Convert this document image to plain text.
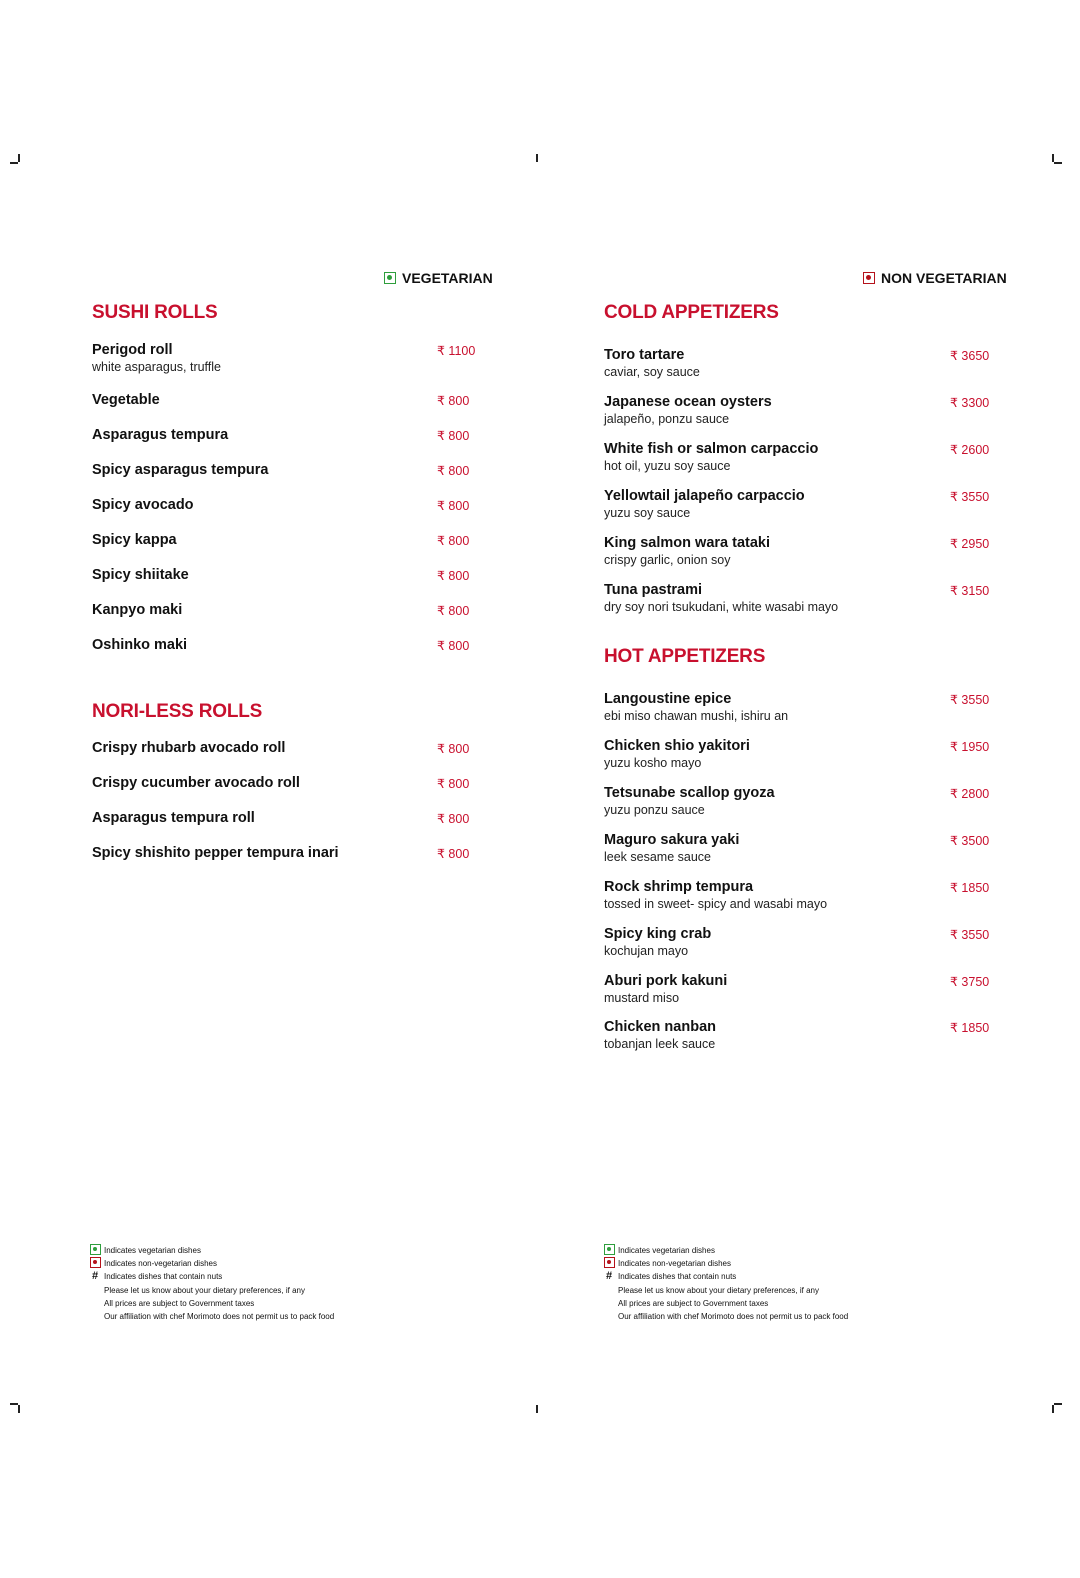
VEGETARIAN	NON VEGETARIAN
SUSHI ROLLS
Perigod roll
white asparagus, truffle
₹ 1100
Vegetable	₹ 800
Asparagus tempura	₹ 800
Spicy asparagus tempura	₹ 800
Spicy avocado	₹ 800
Spicy kappa	₹ 800
Spicy shiitake	₹ 800
Kanpyo maki	₹ 800
Oshinko maki	₹ 800
NORI-LESS ROLLS
Crispy rhubarb avocado roll	₹ 800
Crispy cucumber avocado roll	₹ 800
Asparagus tempura roll	₹ 800
Spicy shishito pepper tempura inari	₹ 800
COLD APPETIZERS
Toro tartare
caviar, soy sauce
₹ 3650
Japanese ocean oysters
jalapeño, ponzu sauce
₹ 3300
White fish or salmon carpaccio
hot oil, yuzu soy sauce
₹ 2600
Yellowtail jalapeño carpaccio
yuzu soy sauce
₹ 3550
King salmon wara tataki
crispy garlic, onion soy
₹ 2950
Tuna pastrami
dry soy nori tsukudani, white wasabi mayo
₹ 3150
HOT APPETIZERS
Langoustine epice
ebi miso chawan mushi, ishiru an
₹ 3550
Chicken shio yakitori
yuzu kosho mayo
₹ 1950
Tetsunabe scallop gyoza
yuzu ponzu sauce
₹ 2800
Maguro sakura yaki
leek sesame sauce
₹ 3500
Rock shrimp tempura
tossed in sweet- spicy and wasabi mayo
₹ 1850
Spicy king crab
kochujan mayo
₹ 3550
Aburi pork kakuni
mustard miso
₹ 3750
Chicken nanban
tobanjan leek sauce
₹ 1850
Indicates vegetarian dishes
Indicates non-vegetarian dishes
# Indicates dishes that contain nuts
Please let us know about your dietary preferences, if any
All prices are subject to Government taxes
Our affiliation with chef Morimoto does not permit us to pack food
Indicates vegetarian dishes
Indicates non-vegetarian dishes
# Indicates dishes that contain nuts
Please let us know about your dietary preferences, if any
All prices are subject to Government taxes
Our affiliation with chef Morimoto does not permit us to pack food
